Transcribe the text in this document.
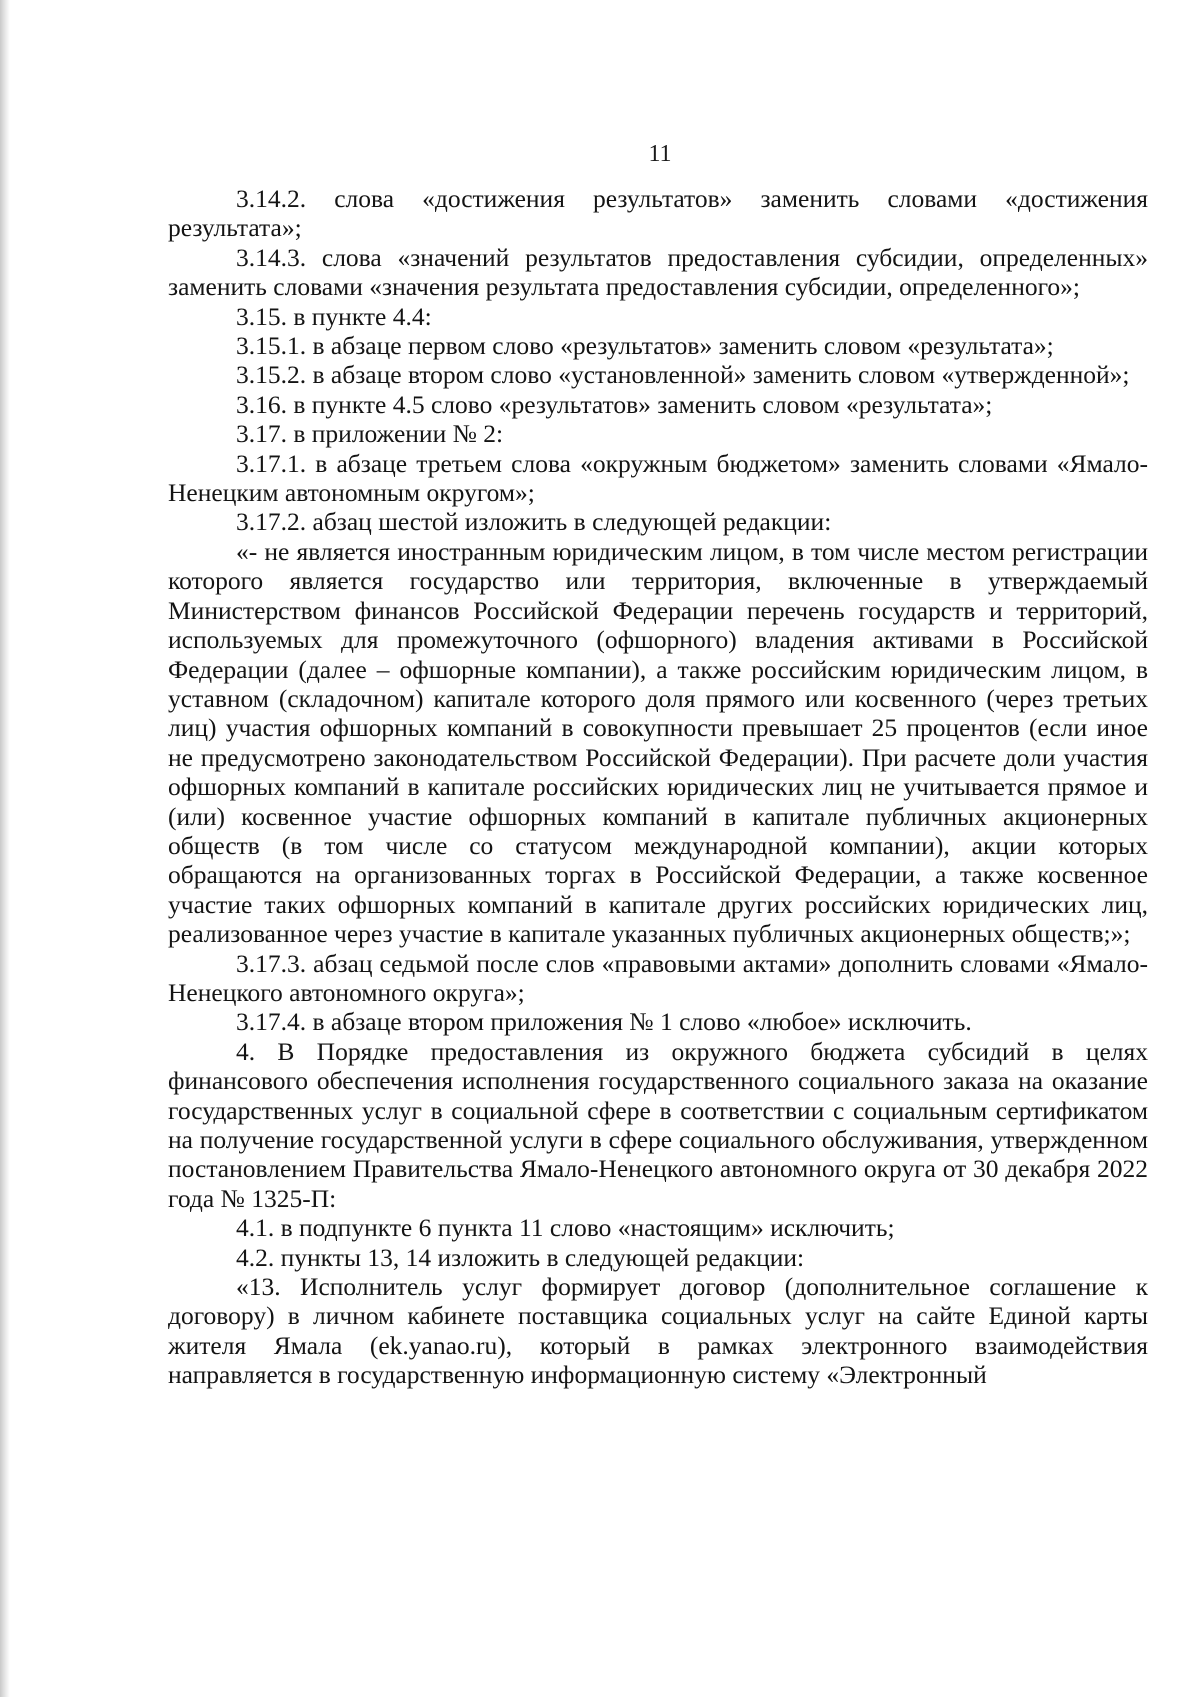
11

3.14.2. слова «достижения результатов» заменить словами «достижения результата»;

3.14.3. слова «значений результатов предоставления субсидии, определенных» заменить словами «значения результата предоставления субсидии, определенного»;

3.15. в пункте 4.4:

3.15.1. в абзаце первом слово «результатов» заменить словом «результата»;

3.15.2. в абзаце втором слово «установленной» заменить словом «утвержденной»;

3.16. в пункте 4.5 слово «результатов» заменить словом «результата»;

3.17. в приложении № 2:

3.17.1. в абзаце третьем слова «окружным бюджетом» заменить словами «Ямало-Ненецким автономным округом»;

3.17.2. абзац шестой изложить в следующей редакции:

«- не является иностранным юридическим лицом, в том числе местом регистрации которого является государство или территория, включенные в утверждаемый Министерством финансов Российской Федерации перечень государств и территорий, используемых для промежуточного (офшорного) владения активами в Российской Федерации (далее – офшорные компании), а также российским юридическим лицом, в уставном (складочном) капитале которого доля прямого или косвенного (через третьих лиц) участия офшорных компаний в совокупности превышает 25 процентов (если иное не предусмотрено законодательством Российской Федерации). При расчете доли участия офшорных компаний в капитале российских юридических лиц не учитывается прямое и (или) косвенное участие офшорных компаний в капитале публичных акционерных обществ (в том числе со статусом международной компании), акции которых обращаются на организованных торгах в Российской Федерации, а также косвенное участие таких офшорных компаний в капитале других российских юридических лиц, реализованное через участие в капитале указанных публичных акционерных обществ;»;

3.17.3. абзац седьмой после слов «правовыми актами» дополнить словами «Ямало-Ненецкого автономного округа»;

3.17.4. в абзаце втором приложения № 1 слово «любое» исключить.

4. В Порядке предоставления из окружного бюджета субсидий в целях финансового обеспечения исполнения государственного социального заказа на оказание государственных услуг в социальной сфере в соответствии с социальным сертификатом на получение государственной услуги в сфере социального обслуживания, утвержденном постановлением Правительства Ямало-Ненецкого автономного округа от 30 декабря 2022 года № 1325-П:

4.1. в подпункте 6 пункта 11 слово «настоящим» исключить;

4.2. пункты 13, 14 изложить в следующей редакции:

«13. Исполнитель услуг формирует договор (дополнительное соглашение к договору) в личном кабинете поставщика социальных услуг на сайте Единой карты жителя Ямала (ek.yanao.ru), который в рамках электронного взаимодействия направляется в государственную информационную систему «Электронный
